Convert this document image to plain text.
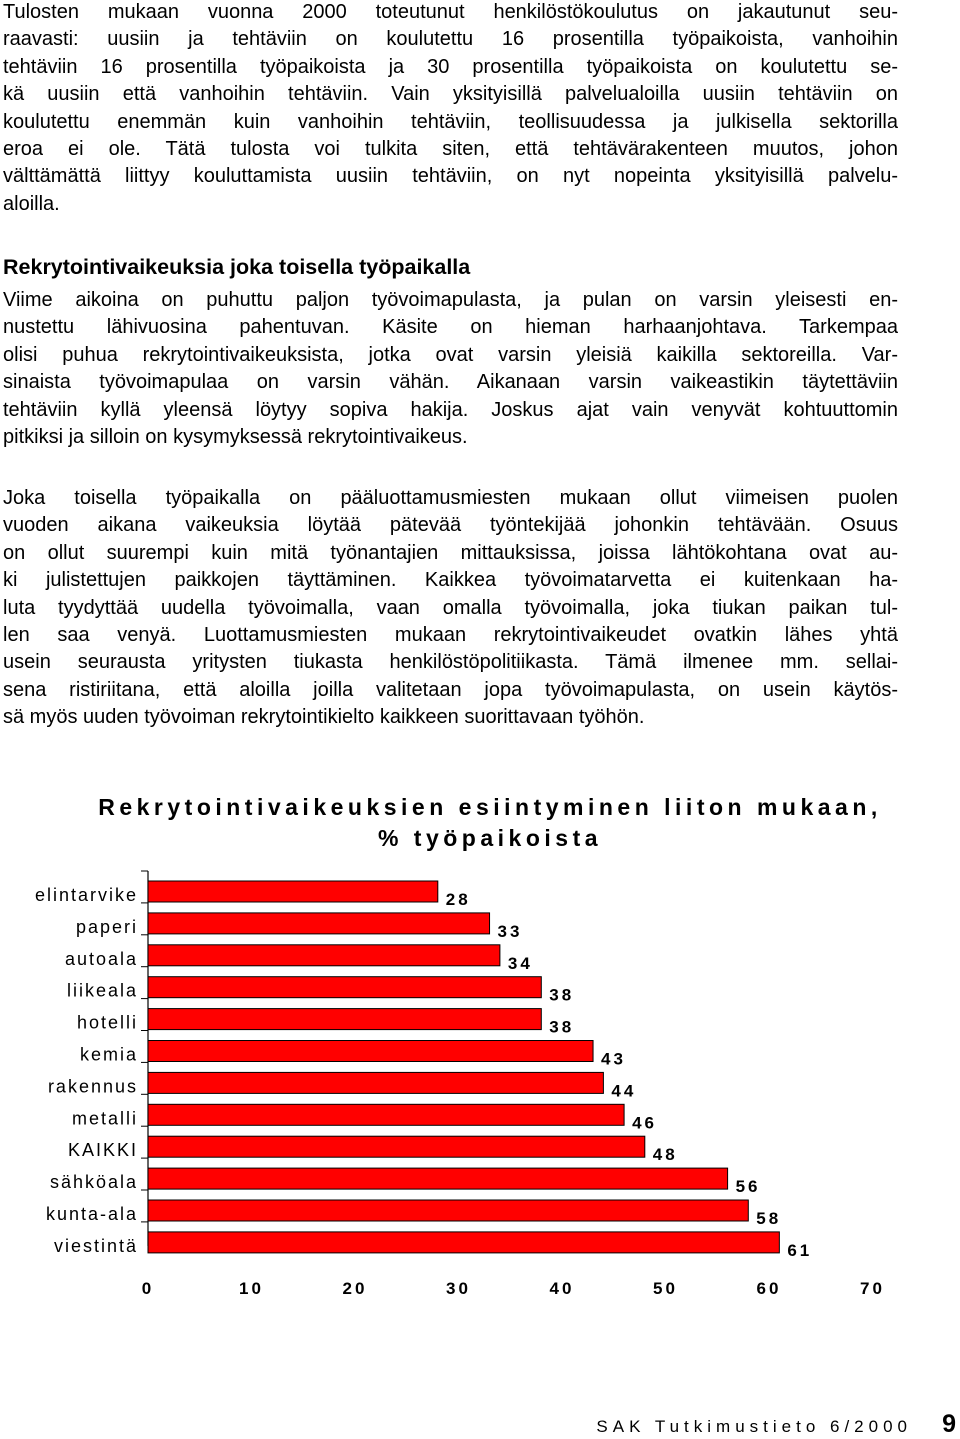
Tulosten mukaan vuonna 2000 toteutunut henkilöstökoulutus on jakautunut seu-
raavasti: uusiin ja tehtäviin on koulutettu 16 prosentilla työpaikoista, vanhoihin
tehtäviin 16 prosentilla työpaikoista ja 30 prosentilla työpaikoista on koulutettu se-
kä uusiin että vanhoihin tehtäviin. Vain yksityisillä palvelualoilla uusiin tehtäviin on
koulutettu enemmän kuin vanhoihin tehtäviin, teollisuudessa ja julkisella sektorilla
eroa ei ole. Tätä tulosta voi tulkita siten, että tehtävärakenteen muutos, johon
välttämättä liittyy kouluttamista uusiin tehtäviin, on nyt nopeinta yksityisillä palvelu-
aloilla.
Rekrytointivaikeuksia joka toisella työpaikalla
Viime aikoina on puhuttu paljon työvoimapulasta, ja pulan on varsin yleisesti en-
nustettu lähivuosina pahentuvan. Käsite on hieman harhaanjohtava. Tarkempaa
olisi puhua rekrytointivaikeuksista, jotka ovat varsin yleisiä kaikilla sektoreilla. Var-
sinaista työvoimapulaa on varsin vähän. Aikanaan varsin vaikeastikin täytettäviin
tehtäviin kyllä yleensä löytyy sopiva hakija. Joskus ajat vain venyvät kohtuuttomin
pitkiksi ja silloin on kysymyksessä rekrytointivaikeus.
Joka toisella työpaikalla on pääluottamusmiesten mukaan ollut viimeisen puolen
vuoden aikana vaikeuksia löytää pätevää työntekijää johonkin tehtävään. Osuus
on ollut suurempi kuin mitä työnantajien mittauksissa, joissa lähtökohtana ovat au-
ki julistettujen paikkojen täyttäminen. Kaikkea työvoimatarvetta ei kuitenkaan ha-
luta tyydyttää uudella työvoimalla, vaan omalla työvoimalla, joka tiukan paikan tul-
len saa venyä. Luottamusmiesten mukaan rekrytointivaikeudet ovatkin lähes yhtä
usein seurausta yritysten tiukasta henkilöstöpolitiikasta. Tämä ilmenee mm. sellai-
sena ristiriitana, että aloilla joilla valitetaan jopa työvoimapulasta, on usein käytös-
sä myös uuden työvoiman rekrytointikielto kaikkeen suorittavaan työhön.
Rekrytointivaikeuksien esiintyminen liiton mukaan,
% työpaikoista
elintarvike	28
paperi	33
autoala	34
liikeala	38
hotelli	38
kemia	43
rakennus	44
metalli	46
KAIKKI	48
sähköala	56
kunta-ala	58
viestintä	61
0	10	20	30	40	50	60	70
SAK Tutkimustieto 6/2000 9
